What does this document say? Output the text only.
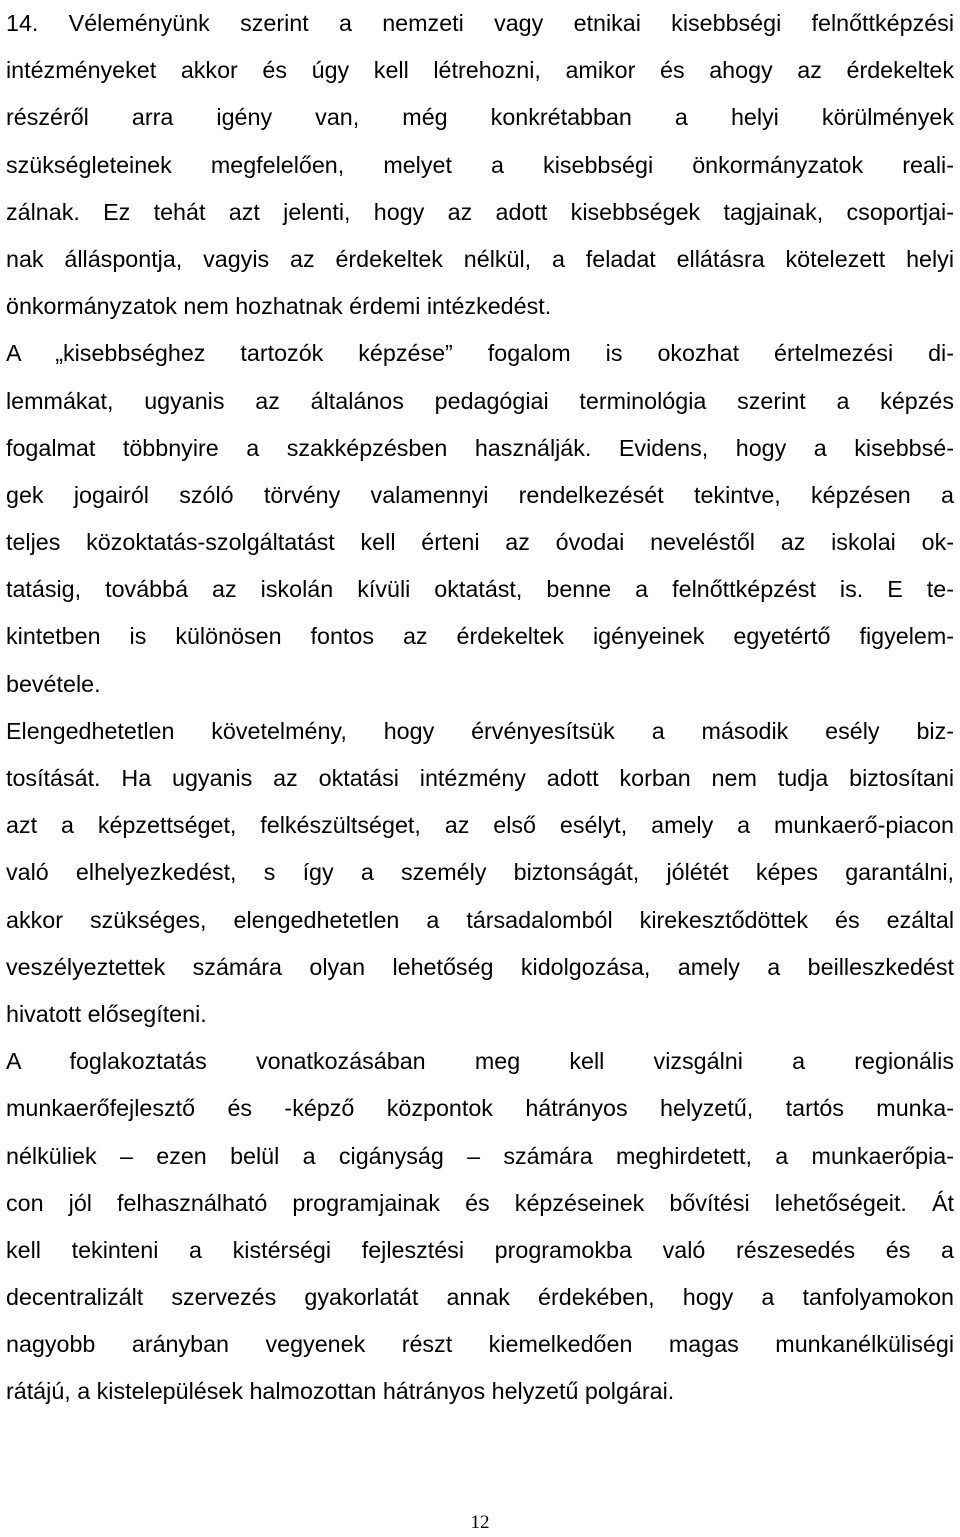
14. Véleményünk szerint a nemzeti vagy etnikai kisebbségi felnőttképzési
intézményeket akkor és úgy kell létrehozni, amikor és ahogy az érdekeltek
részéről arra igény van, még konkrétabban a helyi körülmények
szükségleteinek megfelelően, melyet a kisebbségi önkormányzatok reali-
zálnak. Ez tehát azt jelenti, hogy az adott kisebbségek tagjainak, csoportjai-
nak álláspontja, vagyis az érdekeltek nélkül, a feladat ellátásra kötelezett helyi
önkormányzatok nem hozhatnak érdemi intézkedést.
A „kisebbséghez tartozók képzése” fogalom is okozhat értelmezési di-
lemmákat, ugyanis az általános pedagógiai terminológia szerint a képzés
fogalmat többnyire a szakképzésben használják. Evidens, hogy a kisebbsé-
gek jogairól szóló törvény valamennyi rendelkezését tekintve, képzésen a
teljes közoktatás-szolgáltatást kell érteni az óvodai neveléstől az iskolai ok-
tatásig, továbbá az iskolán kívüli oktatást, benne a felnőttképzést is. E te-
kintetben is különösen fontos az érdekeltek igényeinek egyetértő figyelem-
bevétele.
Elengedhetetlen követelmény, hogy érvényesítsük a második esély biz-
tosítását. Ha ugyanis az oktatási intézmény adott korban nem tudja biztosítani
azt a képzettséget, felkészültséget, az első esélyt, amely a munkaerő-piacon
való elhelyezkedést, s így a személy biztonságát, jólétét képes garantálni,
akkor szükséges, elengedhetetlen a társadalomból kirekesztődöttek és ezáltal
veszélyeztettek számára olyan lehetőség kidolgozása, amely a beilleszkedést
hivatott elősegíteni.
A foglakoztatás vonatkozásában meg kell vizsgálni a regionális
munkaerőfejlesztő és -képző központok hátrányos helyzetű, tartós munka-
nélküliek – ezen belül a cigányság – számára meghirdetett, a munkaerőpia-
con jól felhasználható programjainak és képzéseinek bővítési lehetőségeit. Át
kell tekinteni a kistérségi fejlesztési programokba való részesedés és a
decentralizált szervezés gyakorlatát annak érdekében, hogy a tanfolyamokon
nagyobb arányban vegyenek részt kiemelkedően magas munkanélküliségi
rátájú, a kistelepülések halmozottan hátrányos helyzetű polgárai.
12
